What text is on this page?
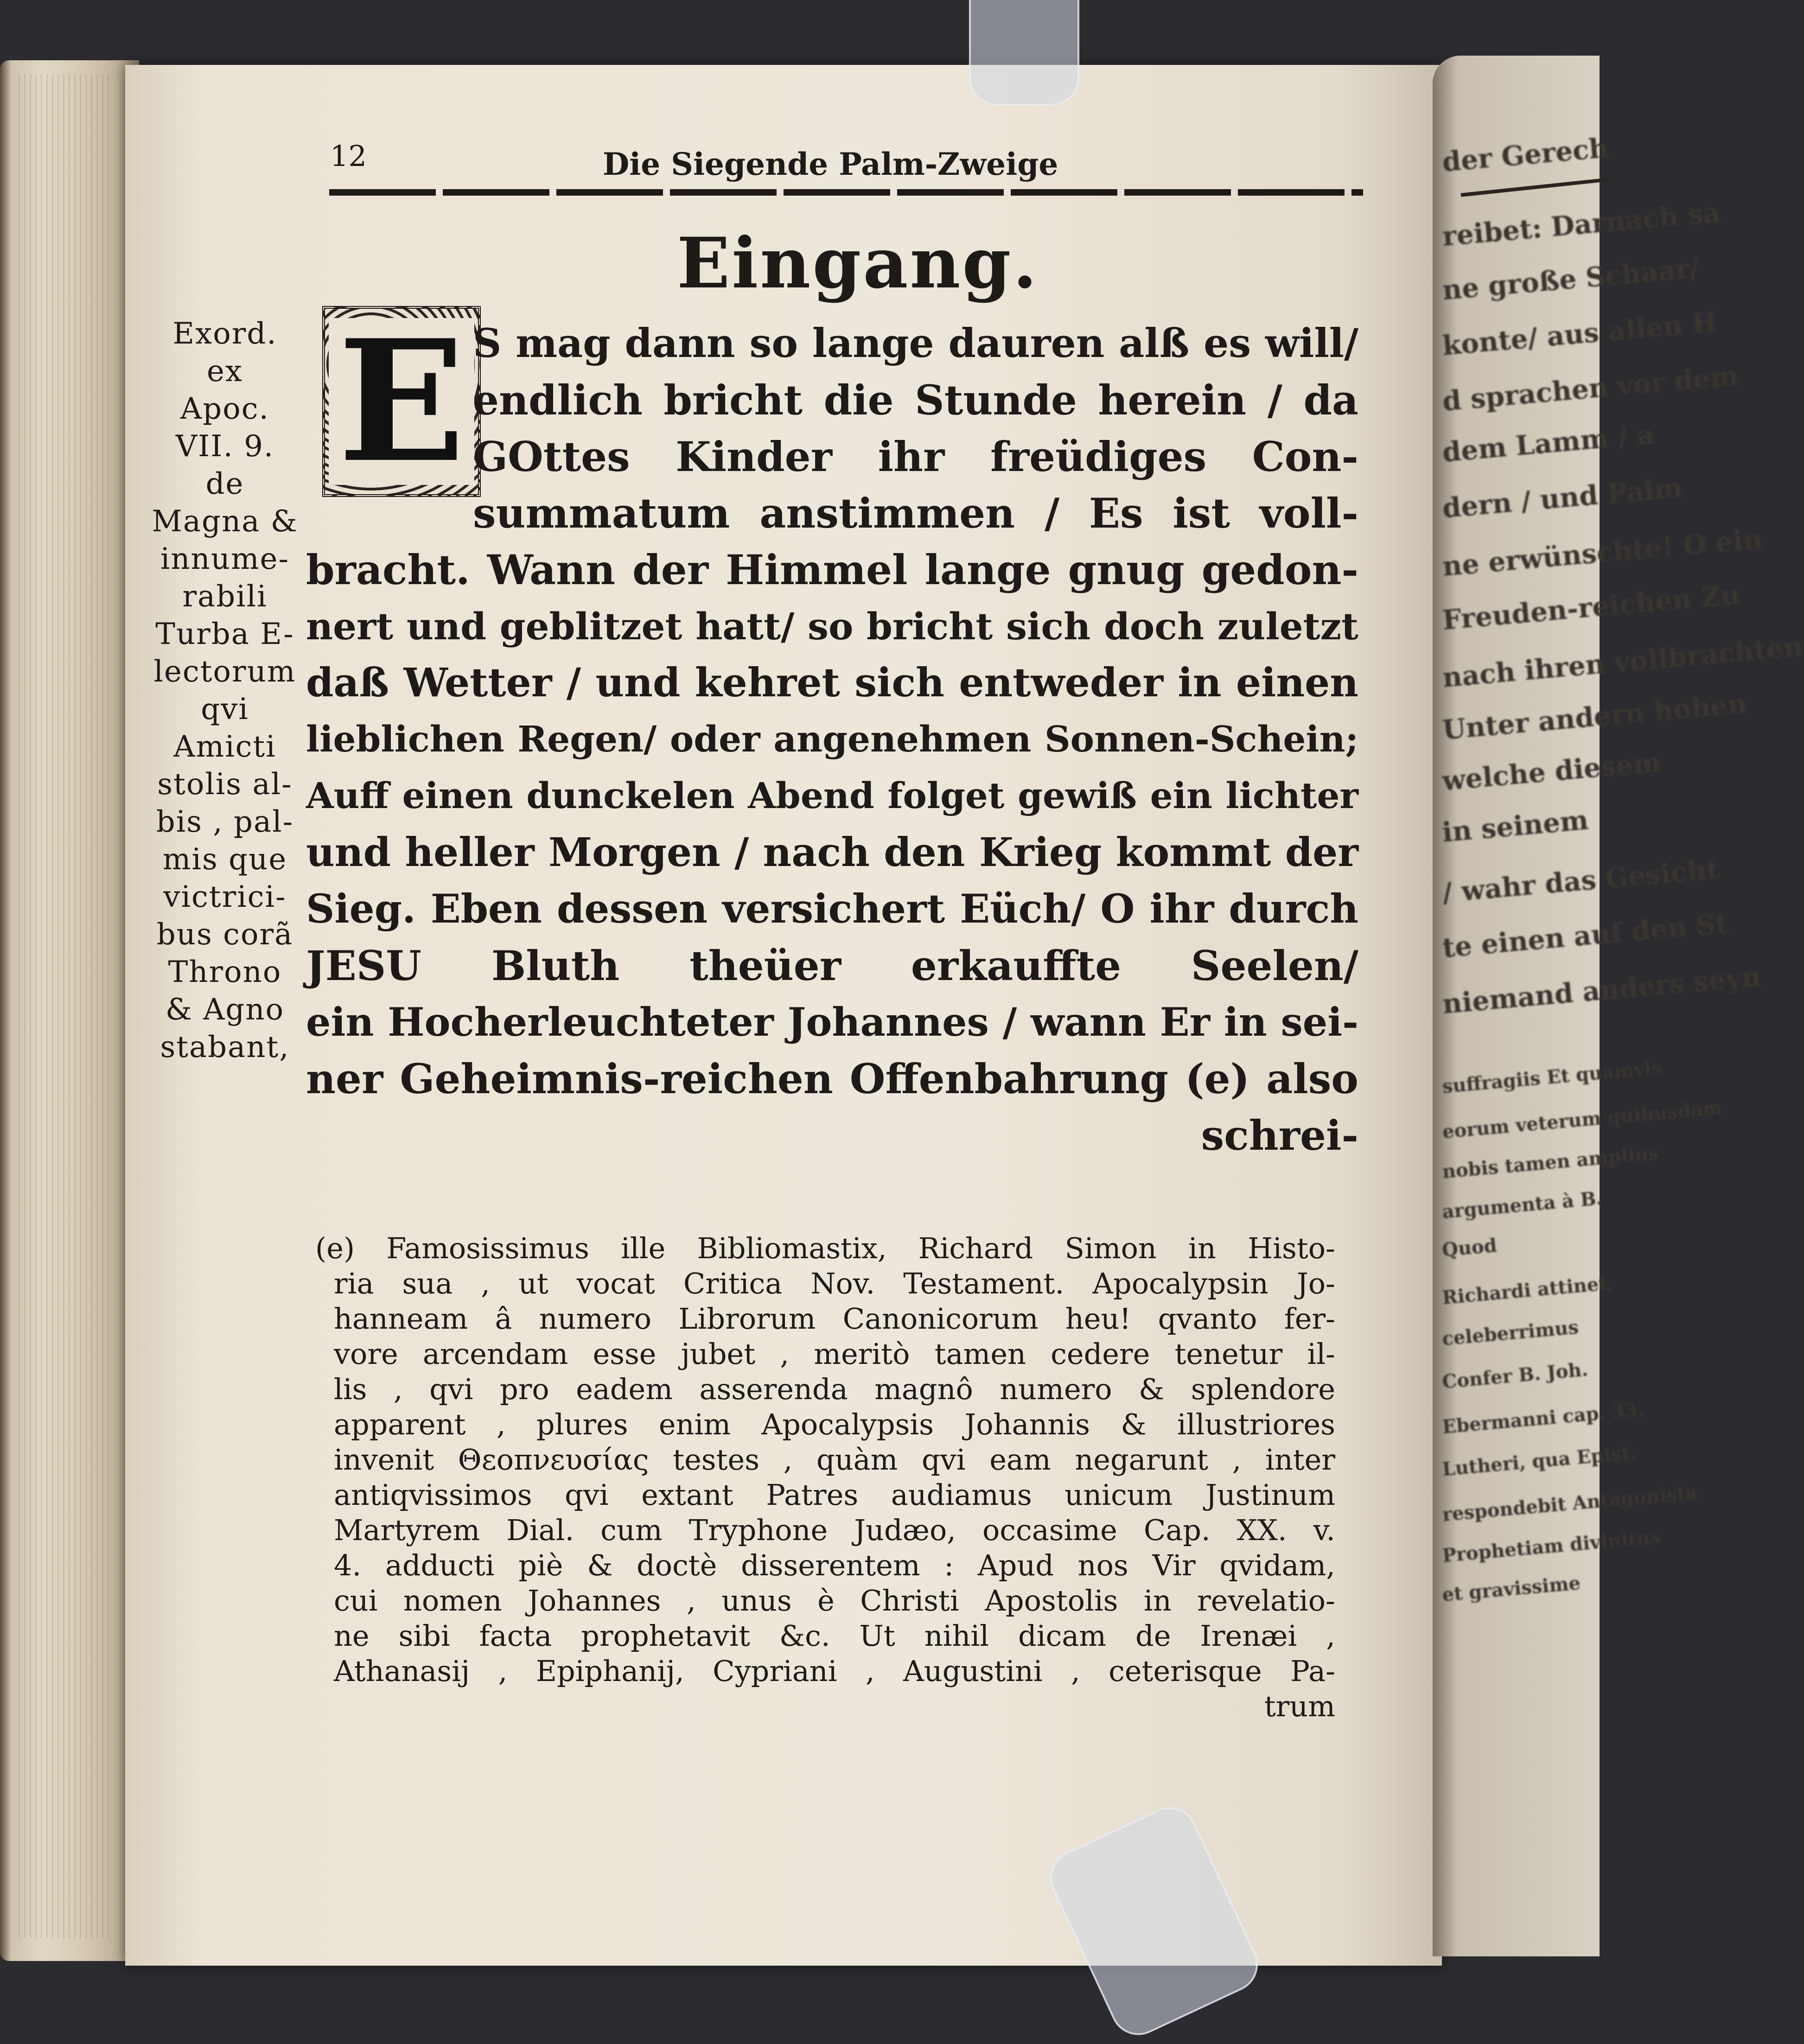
der Gerech
reibet: Darnach sa
ne große Schaar/
konte/ aus allen H
d sprachen vor dem
dem Lamm / a
dern / und Palm
ne erwünschte! O ein
Freuden-reichen Zu
nach ihren vollbrachten
Unter andern hohen
welche diesem
in seinem
/ wahr das Gesicht
te einen auf den St
niemand anders seyn
suffragiis Et quamvis
eorum veterum quibusdam
nobis tamen amplius
argumenta à B.
Quod
Richardi attinet,
celeberrimus
Confer B. Joh.
Ebermanni cap. 33.
Lutheri, qua Epist.
respondebit Antagonista
Prophetiam divinitus
et gravissime
12	Die Siegende Palm-Zweige
Eingang.
Exord.
ex
Apoc.
VII. 9.
de
Magna &
innume-
rabili
Turba E-
lectorum
qvi
Amicti
stolis al-
bis , pal-
mis que
victrici-
bus corã
Throno
& Agno
stabant,
E S mag dann so lange dauren alß es will/
endlich bricht die Stunde herein / da
GOttes Kinder ihr freüdiges Con-
summatum anstimmen / Es ist voll-
bracht. Wann der Himmel lange gnug gedon-
nert und geblitzet hatt/ so bricht sich doch zuletzt
daß Wetter / und kehret sich entweder in einen
lieblichen Regen/ oder angenehmen Sonnen-Schein;
Auff einen dunckelen Abend folget gewiß ein lichter
und heller Morgen / nach den Krieg kommt der
Sieg. Eben dessen versichert Eüch/ O ihr durch
JESU Bluth theüer erkauffte Seelen/
ein Hocherleuchteter Johannes / wann Er in sei-
ner Geheimnis-reichen Offenbahrung (e) also
schrei-
(e) Famosissimus ille Bibliomastix, Richard Simon in Histo-
ria sua , ut vocat Critica Nov. Testament. Apocalypsin Jo-
hanneam â numero Librorum Canonicorum heu! qvanto fer-
vore arcendam esse jubet , meritò tamen cedere tenetur il-
lis , qvi pro eadem asserenda magnô numero & splendore
apparent , plures enim Apocalypsis Johannis & illustriores
invenit Θεοπνευσίας testes , quàm qvi eam negarunt , inter
antiqvissimos qvi extant Patres audiamus unicum Justinum
Martyrem Dial. cum Tryphone Judæo, occasime Cap. XX. v.
4. adducti piè & doctè disserentem : Apud nos Vir qvidam,
cui nomen Johannes , unus è Christi Apostolis in revelatio-
ne sibi facta prophetavit &c. Ut nihil dicam de Irenæi ,
Athanasij , Epiphanij, Cypriani , Augustini , ceterisque Pa-
trum
